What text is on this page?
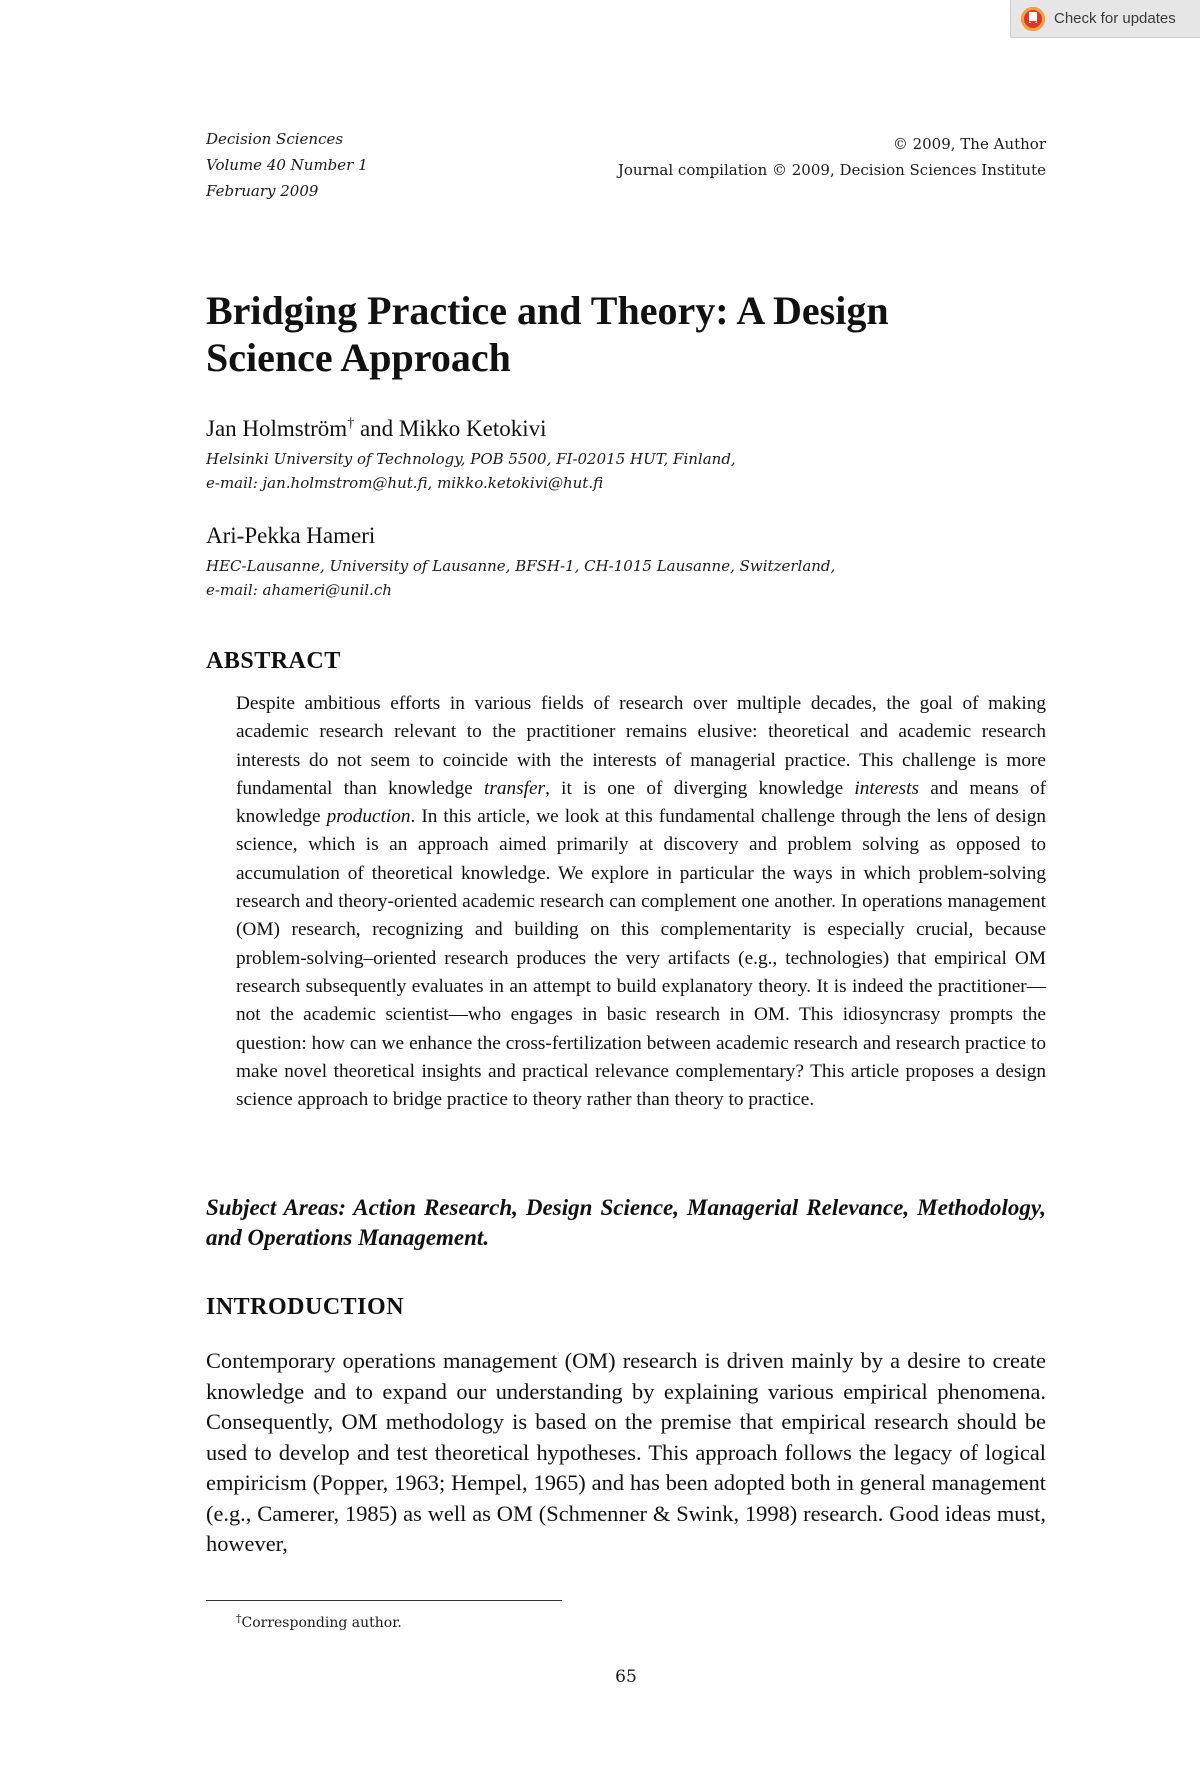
Check for updates
Decision Sciences
Volume 40 Number 1
February 2009
© 2009, The Author
Journal compilation © 2009, Decision Sciences Institute
Bridging Practice and Theory: A Design Science Approach
Jan Holmström† and Mikko Ketokivi
Helsinki University of Technology, POB 5500, FI-02015 HUT, Finland,
e-mail: jan.holmstrom@hut.fi, mikko.ketokivi@hut.fi
Ari-Pekka Hameri
HEC-Lausanne, University of Lausanne, BFSH-1, CH-1015 Lausanne, Switzerland,
e-mail: ahameri@unil.ch
ABSTRACT

Despite ambitious efforts in various fields of research over multiple decades, the goal of making academic research relevant to the practitioner remains elusive: theoretical and academic research interests do not seem to coincide with the interests of managerial practice. This challenge is more fundamental than knowledge transfer, it is one of diverging knowledge interests and means of knowledge production. In this article, we look at this fundamental challenge through the lens of design science, which is an approach aimed primarily at discovery and problem solving as opposed to accumulation of theoretical knowledge. We explore in particular the ways in which problem-solving research and theory-oriented academic research can complement one another. In operations management (OM) research, recognizing and building on this complementarity is especially crucial, because problem-solving–oriented research produces the very artifacts (e.g., technologies) that empirical OM research subsequently evaluates in an attempt to build explanatory theory. It is indeed the practitioner—not the academic scientist—who engages in basic research in OM. This idiosyncrasy prompts the question: how can we enhance the cross-fertilization between academic research and research practice to make novel theoretical insights and practical relevance complementary? This article proposes a design science approach to bridge practice to theory rather than theory to practice.

Subject Areas: Action Research, Design Science, Managerial Relevance, Methodology, and Operations Management.

INTRODUCTION

Contemporary operations management (OM) research is driven mainly by a desire to create knowledge and to expand our understanding by explaining various empirical phenomena. Consequently, OM methodology is based on the premise that empirical research should be used to develop and test theoretical hypotheses. This approach follows the legacy of logical empiricism (Popper, 1963; Hempel, 1965) and has been adopted both in general management (e.g., Camerer, 1985) as well as OM (Schmenner & Swink, 1998) research. Good ideas must, however,

†Corresponding author.
65
